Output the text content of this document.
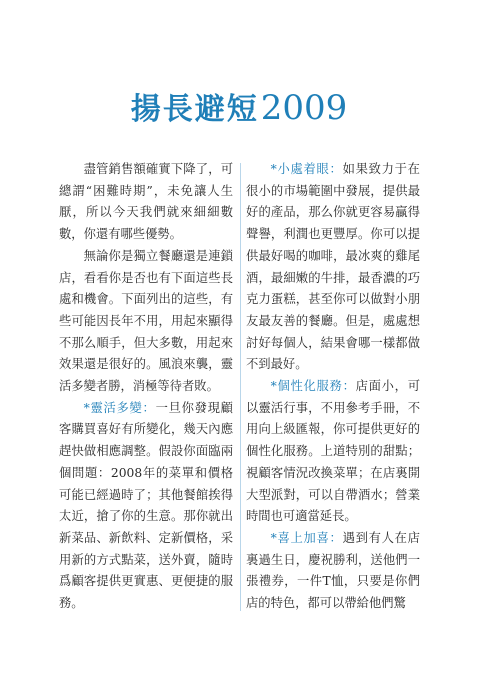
揚長避短2009

盡管銷售額確實下降了，可總謂“困難時期”，未免讓人生厭，所以今天我們就來細細數數，你還有哪些優勢。

無論你是獨立餐廳還是連鎖店，看看你是否也有下面這些長處和機會。下面列出的這些，有些可能因長年不用，用起來顯得不那么順手，但大多數，用起來效果還是很好的。風浪來襲，靈活多變者勝，消極等待者敗。

*靈活多變：一旦你發現顧客購買喜好有所變化，幾天內應趕快做相應調整。假設你面臨兩個問題：2008年的菜單和價格可能已經過時了；其他餐館挨得太近，搶了你的生意。那你就出新菜品、新飲料、定新價格，采用新的方式點菜，送外賣，隨時爲顧客提供更實惠、更便捷的服務。

*小處着眼：如果致力于在很小的市場範圍中發展，提供最好的產品，那么你就更容易贏得聲譽，利潤也更豐厚。你可以提供最好喝的咖啡，最冰爽的雞尾酒，最細嫩的牛排，最香濃的巧克力蛋糕，甚至你可以做對小朋友最友善的餐廳。但是，處處想討好每個人，結果會哪一樣都做不到最好。

*個性化服務：店面小，可以靈活行事，不用參考手冊，不用向上級匯報，你可提供更好的個性化服務。上道特別的甜點；視顧客情況改換菜單；在店裏開大型派對，可以自帶酒水；營業時間也可適當延長。

*喜上加喜：遇到有人在店裏過生日，慶祝勝利，送他們一張禮券，一件T恤，只要是你們店的特色，都可以帶給他們驚
